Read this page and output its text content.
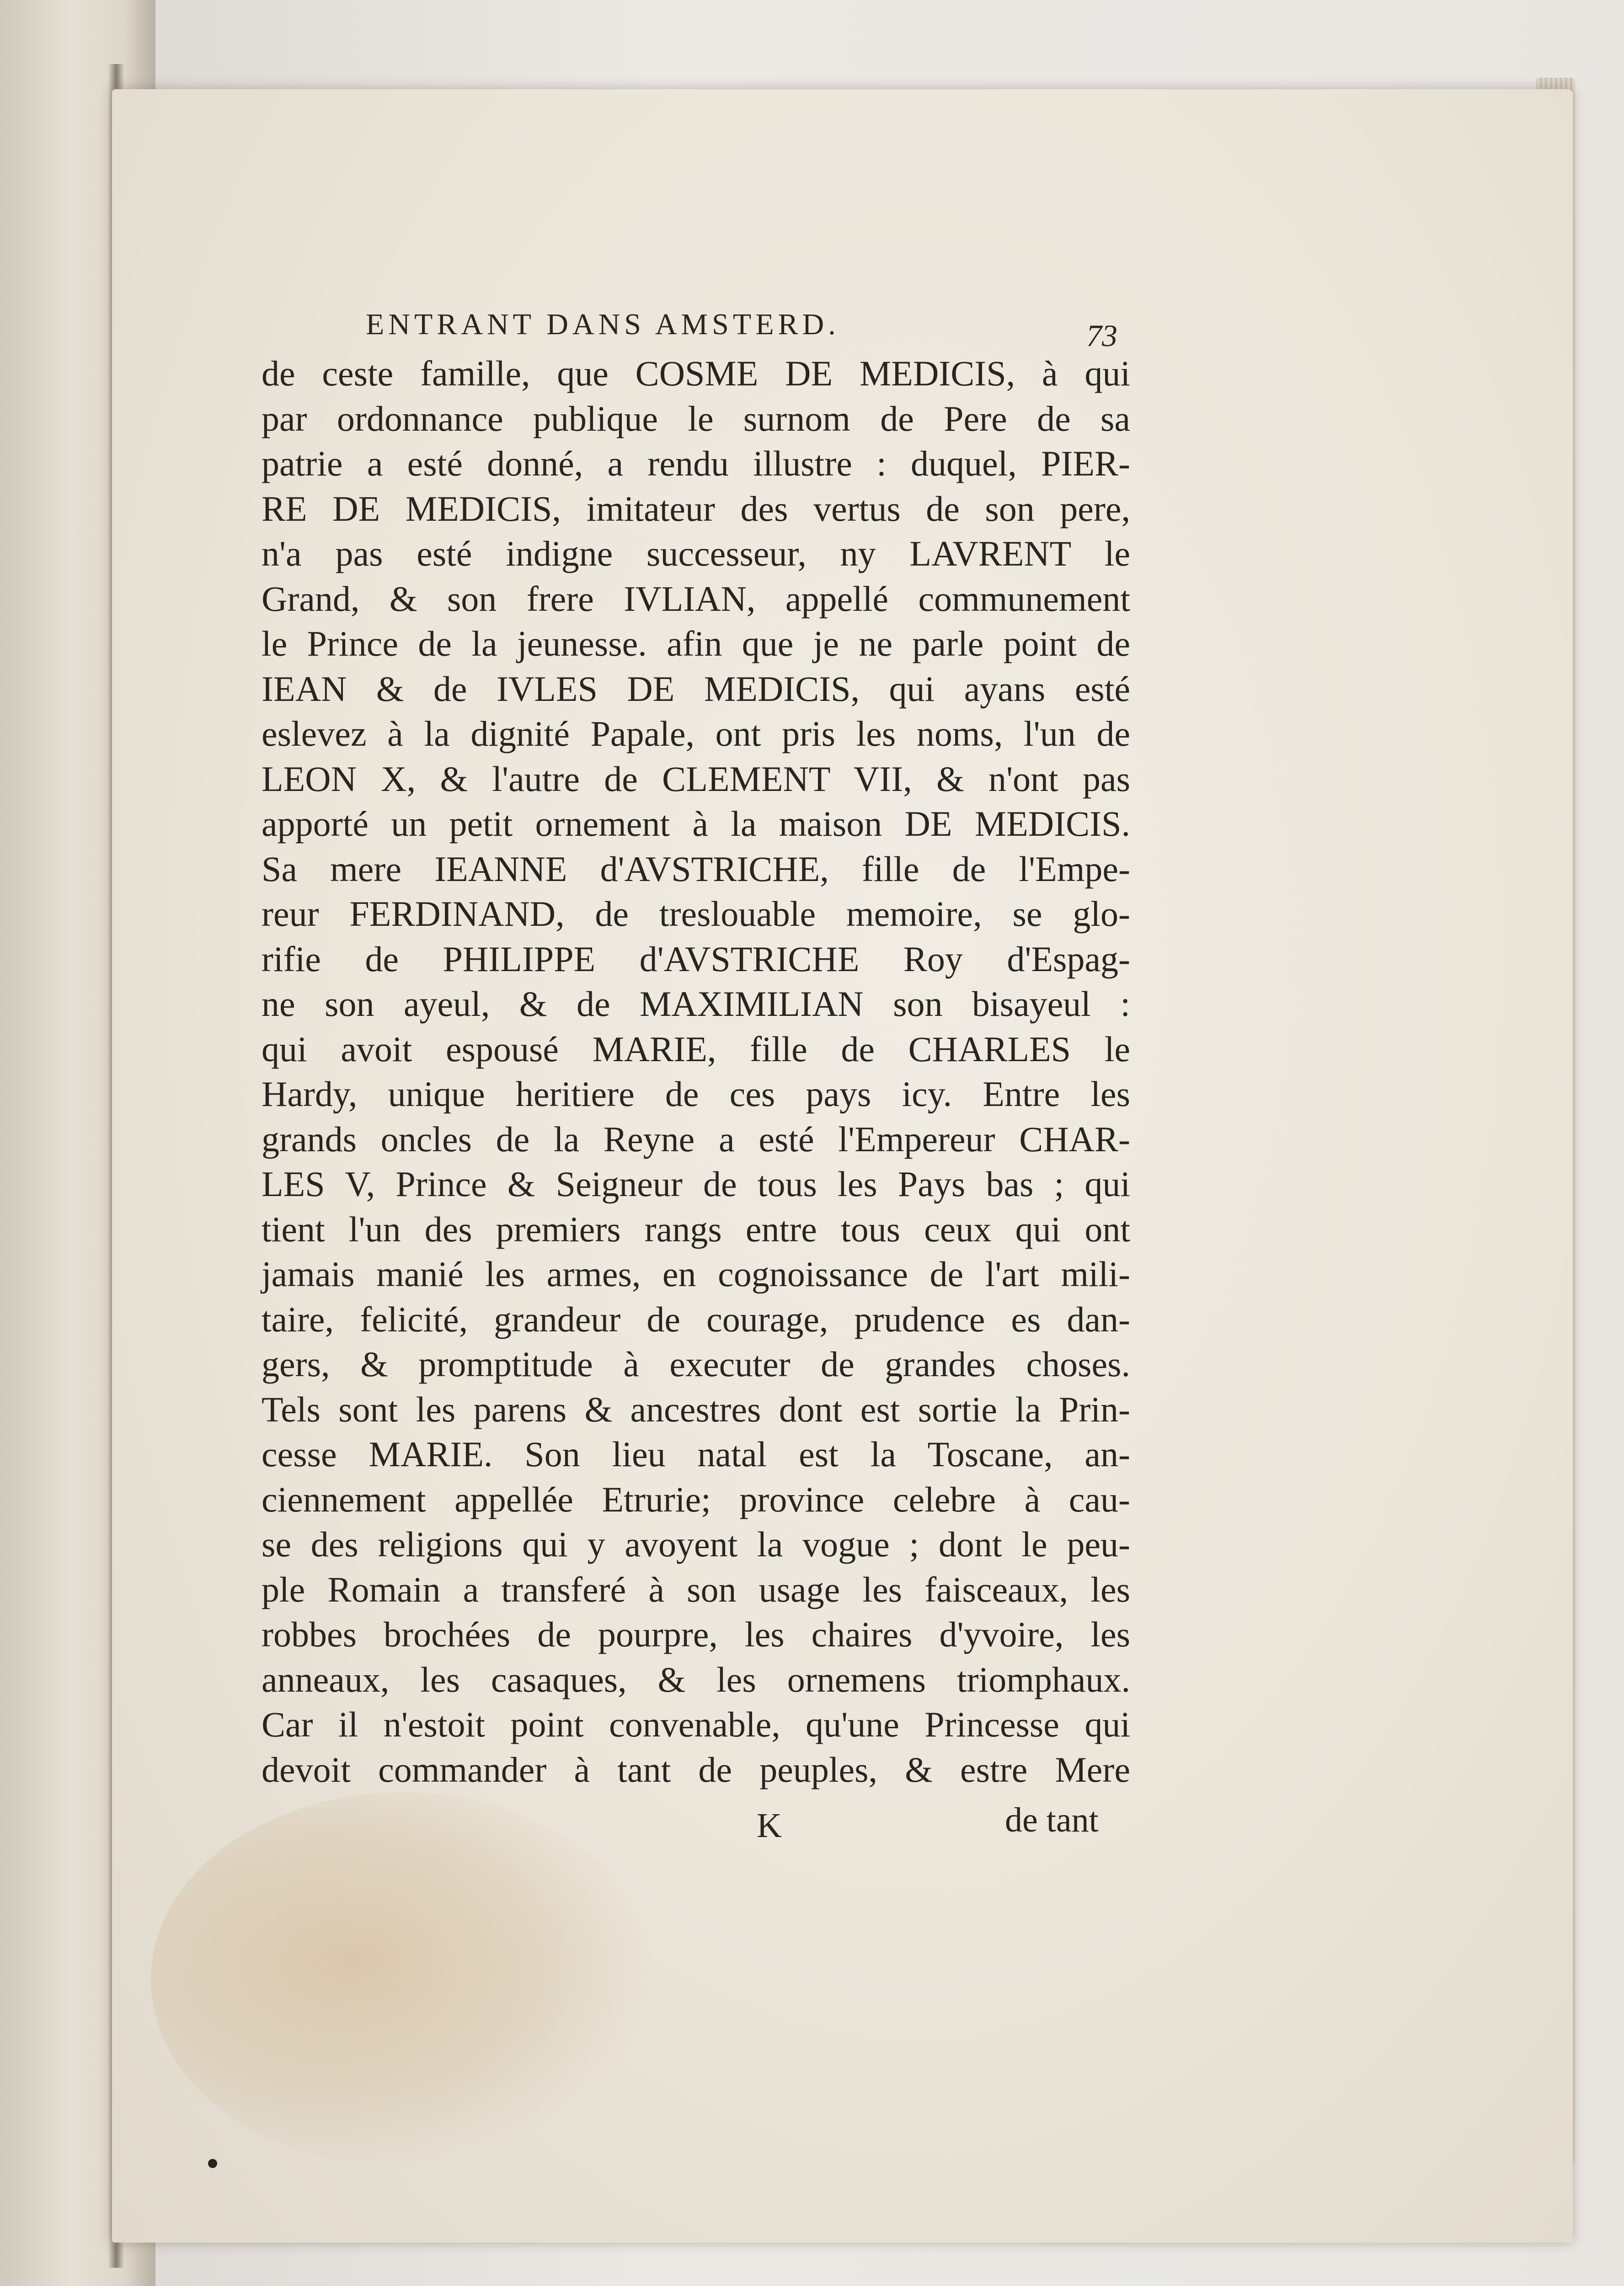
ENTRANT DANS AMSTERD.	73
de ceste famille, que COSME DE MEDICIS, à qui
par ordonnance publique le surnom de Pere de sa
patrie a esté donné, a rendu illustre : duquel, PIER-
RE DE MEDICIS, imitateur des vertus de son pere,
n'a pas esté indigne successeur, ny LAVRENT le
Grand, & son frere IVLIAN, appellé communement
le Prince de la jeunesse. afin que je ne parle point de
IEAN & de IVLES DE MEDICIS, qui ayans esté
eslevez à la dignité Papale, ont pris les noms, l'un de
LEON X, & l'autre de CLEMENT VII, & n'ont pas
apporté un petit ornement à la maison DE MEDICIS.
Sa mere IEANNE d'AVSTRICHE, fille de l'Empe-
reur FERDINAND, de treslouable memoire, se glo-
rifie de PHILIPPE d'AVSTRICHE Roy d'Espag-
ne son ayeul, & de MAXIMILIAN son bisayeul :
qui avoit espousé MARIE, fille de CHARLES le
Hardy, unique heritiere de ces pays icy. Entre les
grands oncles de la Reyne a esté l'Empereur CHAR-
LES V, Prince & Seigneur de tous les Pays bas ; qui
tient l'un des premiers rangs entre tous ceux qui ont
jamais manié les armes, en cognoissance de l'art mili-
taire, felicité, grandeur de courage, prudence es dan-
gers, & promptitude à executer de grandes choses.
Tels sont les parens & ancestres dont est sortie la Prin-
cesse MARIE. Son lieu natal est la Toscane, an-
ciennement appellée Etrurie; province celebre à cau-
se des religions qui y avoyent la vogue ; dont le peu-
ple Romain a transferé à son usage les faisceaux, les
robbes brochées de pourpre, les chaires d'yvoire, les
anneaux, les casaques, & les ornemens triomphaux.
Car il n'estoit point convenable, qu'une Princesse qui
devoit commander à tant de peuples, & estre Mere
K	de tant
